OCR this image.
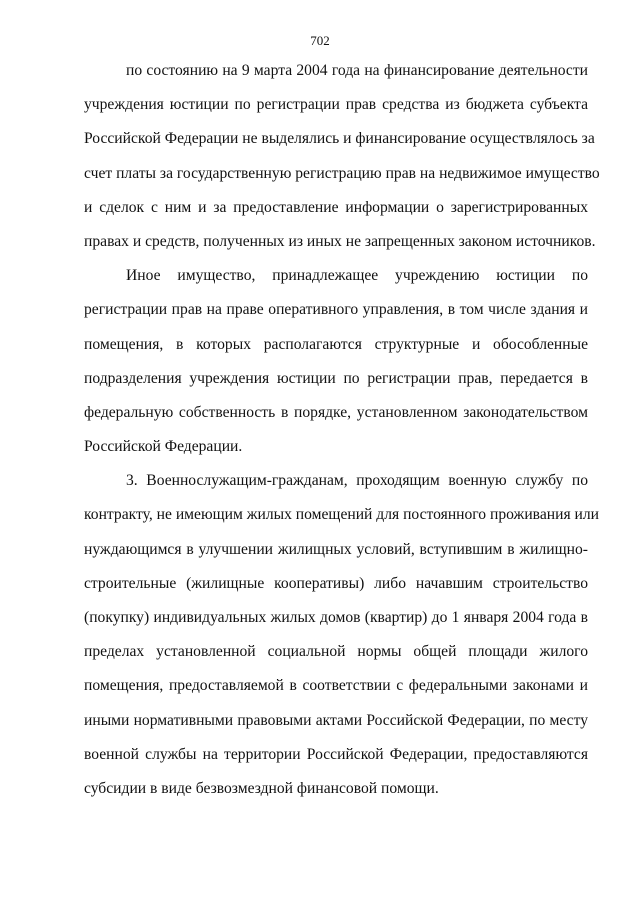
702
по состоянию на 9 марта 2004 года на финансирование деятельности
учреждения юстиции по регистрации прав средства из бюджета субъекта
Российской Федерации не выделялись и финансирование осуществлялось за
счет платы за государственную регистрацию прав на недвижимое имущество
и сделок с ним и за предоставление информации о зарегистрированных
правах и средств, полученных из иных не запрещенных законом источников.
Иное имущество, принадлежащее учреждению юстиции по
регистрации прав на праве оперативного управления, в том числе здания и
помещения, в которых располагаются структурные и обособленные
подразделения учреждения юстиции по регистрации прав, передается в
федеральную собственность в порядке, установленном законодательством
Российской Федерации.
3. Военнослужащим-гражданам, проходящим военную службу по
контракту, не имеющим жилых помещений для постоянного проживания или
нуждающимся в улучшении жилищных условий, вступившим в жилищно-
строительные (жилищные кооперативы) либо начавшим строительство
(покупку) индивидуальных жилых домов (квартир) до 1 января 2004 года в
пределах установленной социальной нормы общей площади жилого
помещения, предоставляемой в соответствии с федеральными законами и
иными нормативными правовыми актами Российской Федерации, по месту
военной службы на территории Российской Федерации, предоставляются
субсидии в виде безвозмездной финансовой помощи.
